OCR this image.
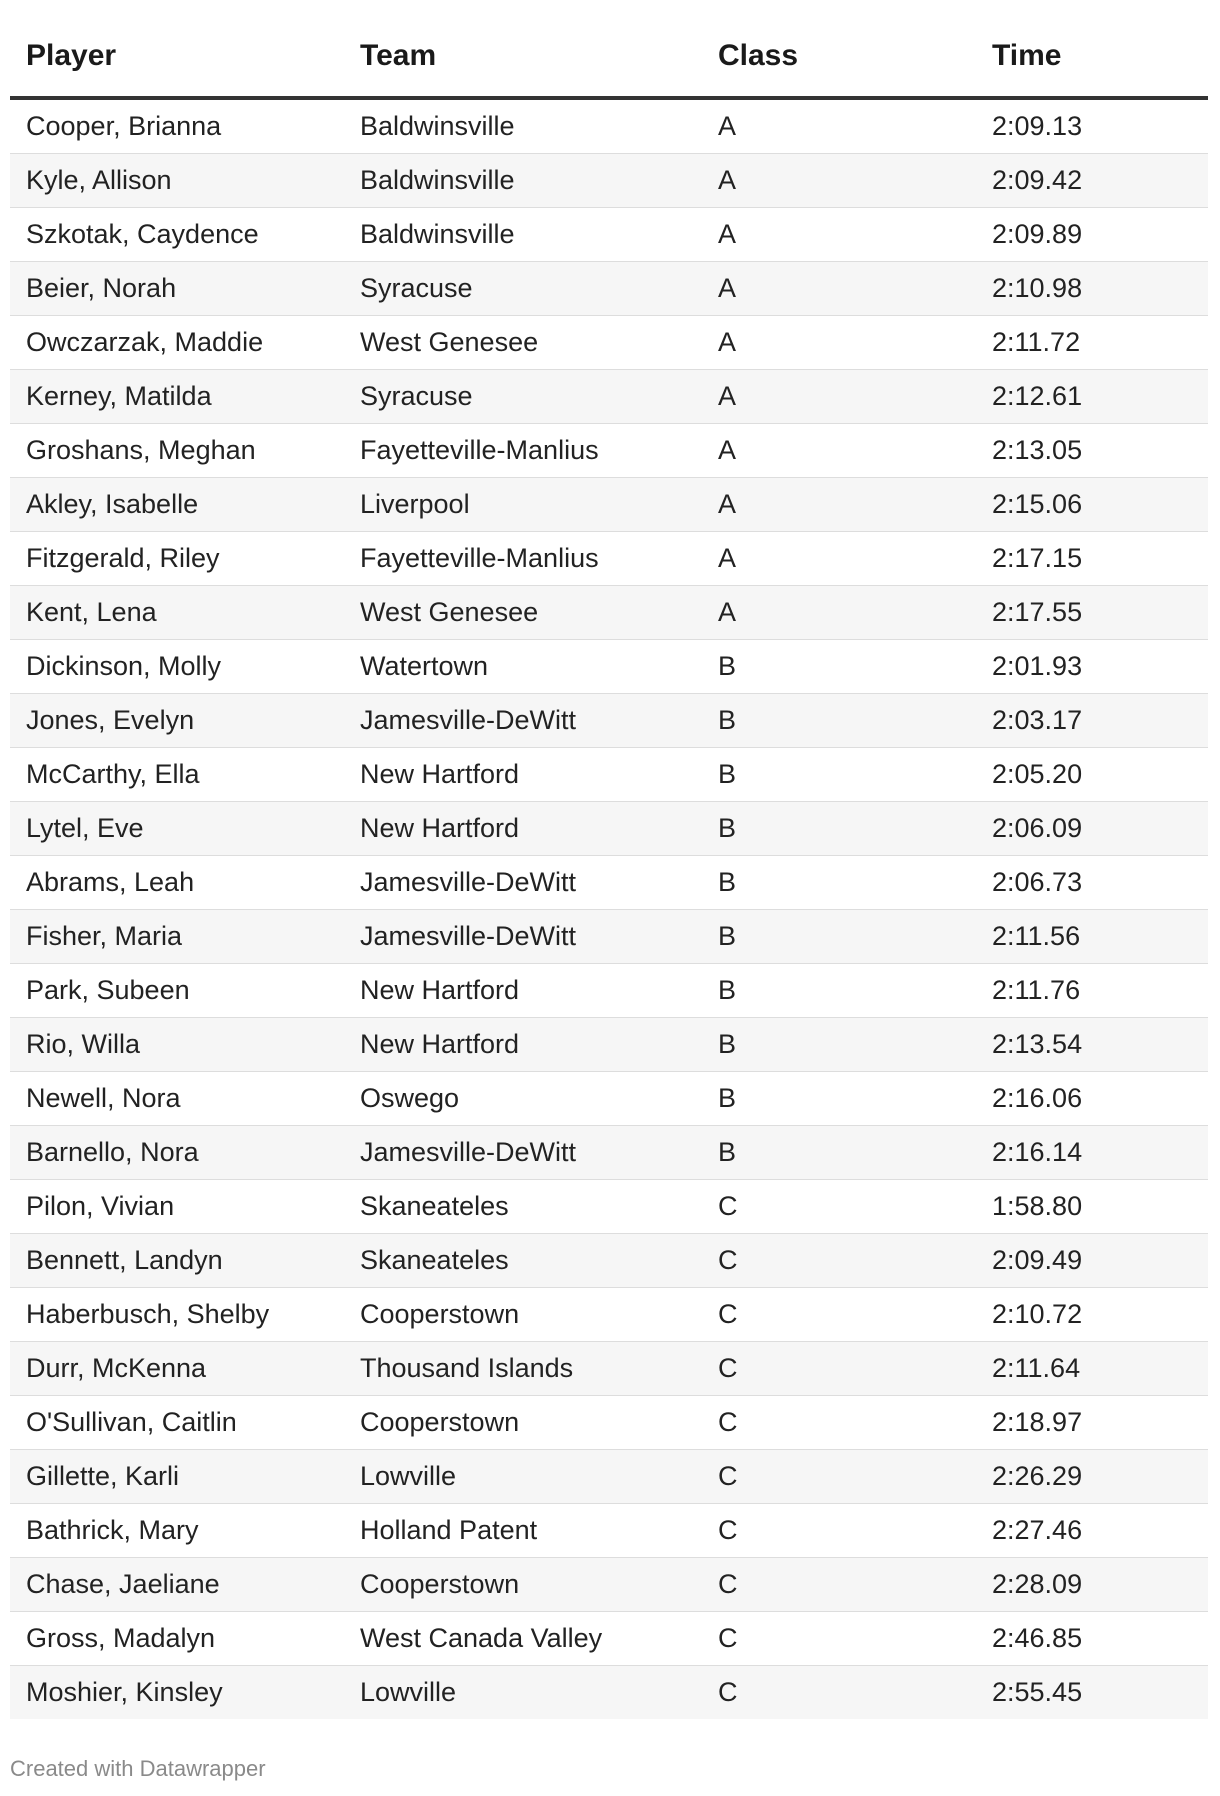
Player	Team	Class	Time
Cooper, Brianna	Baldwinsville	A	2:09.13
Kyle, Allison	Baldwinsville	A	2:09.42
Szkotak, Caydence	Baldwinsville	A	2:09.89
Beier, Norah	Syracuse	A	2:10.98
Owczarzak, Maddie	West Genesee	A	2:11.72
Kerney, Matilda	Syracuse	A	2:12.61
Groshans, Meghan	Fayetteville-Manlius	A	2:13.05
Akley, Isabelle	Liverpool	A	2:15.06
Fitzgerald, Riley	Fayetteville-Manlius	A	2:17.15
Kent, Lena	West Genesee	A	2:17.55
Dickinson, Molly	Watertown	B	2:01.93
Jones, Evelyn	Jamesville-DeWitt	B	2:03.17
McCarthy, Ella	New Hartford	B	2:05.20
Lytel, Eve	New Hartford	B	2:06.09
Abrams, Leah	Jamesville-DeWitt	B	2:06.73
Fisher, Maria	Jamesville-DeWitt	B	2:11.56
Park, Subeen	New Hartford	B	2:11.76
Rio, Willa	New Hartford	B	2:13.54
Newell, Nora	Oswego	B	2:16.06
Barnello, Nora	Jamesville-DeWitt	B	2:16.14
Pilon, Vivian	Skaneateles	C	1:58.80
Bennett, Landyn	Skaneateles	C	2:09.49
Haberbusch, Shelby	Cooperstown	C	2:10.72
Durr, McKenna	Thousand Islands	C	2:11.64
O'Sullivan, Caitlin	Cooperstown	C	2:18.97
Gillette, Karli	Lowville	C	2:26.29
Bathrick, Mary	Holland Patent	C	2:27.46
Chase, Jaeliane	Cooperstown	C	2:28.09
Gross, Madalyn	West Canada Valley	C	2:46.85
Moshier, Kinsley	Lowville	C	2:55.45
Created with Datawrapper
